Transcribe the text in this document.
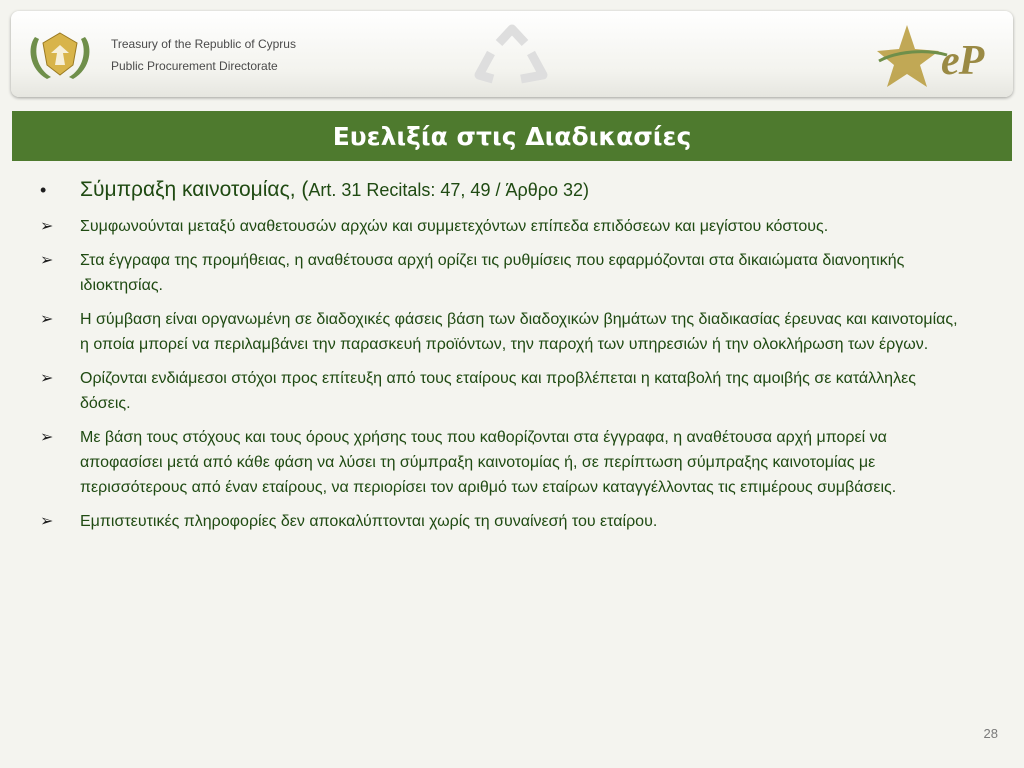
Treasury of the Republic of Cyprus
Public Procurement Directorate	eP
Ευελιξία στις Διαδικασίες
•	Σύμπραξη καινοτομίας, (Art. 31 Recitals: 47, 49 / Άρθρο 32)
➢	Συμφωνούνται μεταξύ αναθετουσών αρχών και συμμετεχόντων επίπεδα επιδόσεων και μεγίστου κόστους.
➢	Στα έγγραφα της προμήθειας, η αναθέτουσα αρχή ορίζει τις ρυθμίσεις που εφαρμόζονται στα δικαιώματα διανοητικής ιδιοκτησίας.
➢	Η σύμβαση είναι οργανωμένη σε διαδοχικές φάσεις βάση των διαδοχικών βημάτων της διαδικασίας έρευνας και καινοτομίας, η οποία μπορεί να περιλαμβάνει την παρασκευή προϊόντων, την παροχή των υπηρεσιών ή την ολοκλήρωση των έργων.
➢	Ορίζονται ενδιάμεσοι στόχοι προς επίτευξη από τους εταίρους και προβλέπεται η καταβολή της αμοιβής σε κατάλληλες δόσεις.
➢	Με βάση τους στόχους και τους όρους χρήσης τους που καθορίζονται στα έγγραφα, η αναθέτουσα αρχή μπορεί να αποφασίσει μετά από κάθε φάση να λύσει τη σύμπραξη καινοτομίας ή, σε περίπτωση σύμπραξης καινοτομίας με περισσότερους από έναν εταίρους, να περιορίσει τον αριθμό των εταίρων καταγγέλλοντας τις επιμέρους συμβάσεις.
➢	Εμπιστευτικές πληροφορίες δεν αποκαλύπτονται χωρίς τη συναίνεσή του εταίρου.
28
